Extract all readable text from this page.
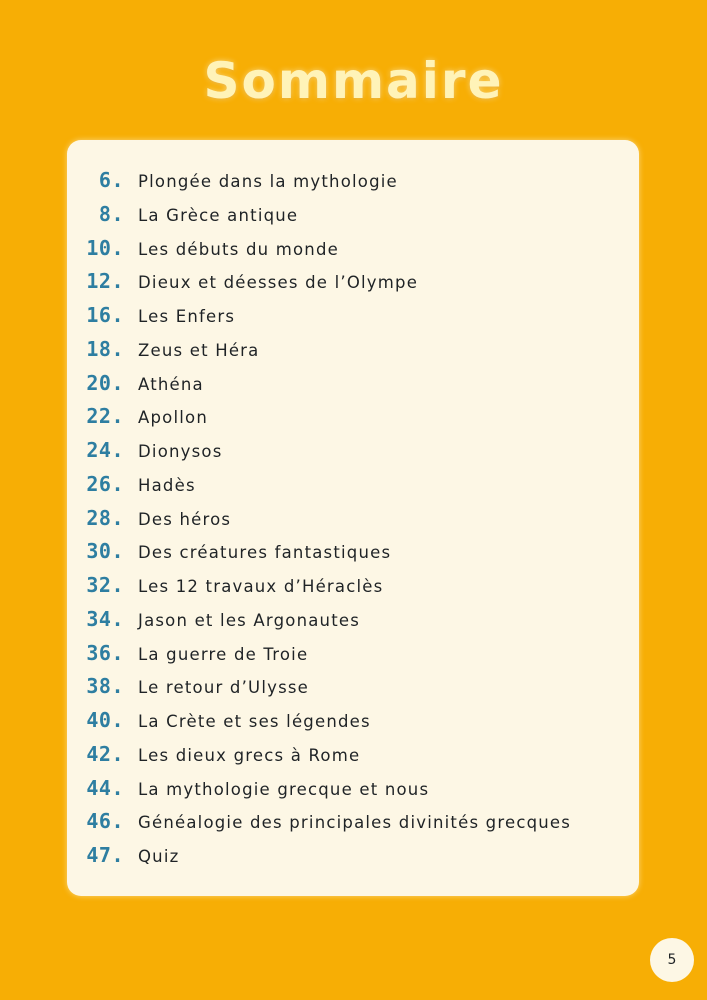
Sommaire
6. Plongée dans la mythologie
8. La Grèce antique
10. Les débuts du monde
12. Dieux et déesses de l’Olympe
16. Les Enfers
18. Zeus et Héra
20. Athéna
22. Apollon
24. Dionysos
26. Hadès
28. Des héros
30. Des créatures fantastiques
32. Les 12 travaux d’Héraclès
34. Jason et les Argonautes
36. La guerre de Troie
38. Le retour d’Ulysse
40. La Crète et ses légendes
42. Les dieux grecs à Rome
44. La mythologie grecque et nous
46. Généalogie des principales divinités grecques
47. Quiz
5
